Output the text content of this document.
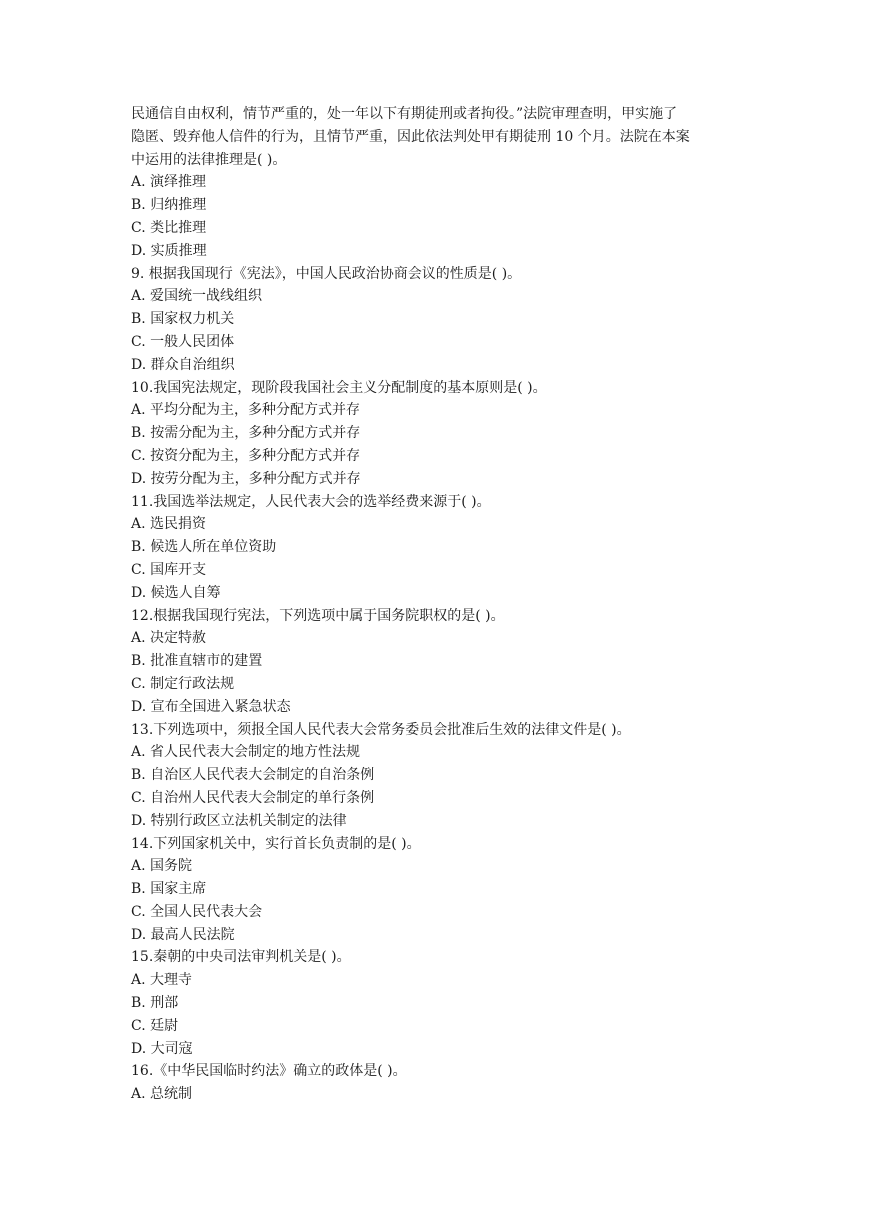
民通信自由权利，情节严重的，处一年以下有期徒刑或者拘役。”法院审理查明，甲实施了
隐匿、毁弃他人信件的行为，且情节严重，因此依法判处甲有期徒刑 10 个月。法院在本案
中运用的法律推理是( )。
A. 演绎推理
B. 归纳推理
C. 类比推理
D. 实质推理
9. 根据我国现行《宪法》，中国人民政治协商会议的性质是( )。
A. 爱国统一战线组织
B. 国家权力机关
C. 一般人民团体
D. 群众自治组织
10.我国宪法规定，现阶段我国社会主义分配制度的基本原则是( )。
A. 平均分配为主，多种分配方式并存
B. 按需分配为主，多种分配方式并存
C. 按资分配为主，多种分配方式并存
D. 按劳分配为主，多种分配方式并存
11.我国选举法规定，人民代表大会的选举经费来源于( )。
A. 选民捐资
B. 候选人所在单位资助
C. 国库开支
D. 候选人自筹
12.根据我国现行宪法，下列选项中属于国务院职权的是( )。
A. 决定特赦
B. 批准直辖市的建置
C. 制定行政法规
D. 宣布全国进入紧急状态
13.下列选项中，须报全国人民代表大会常务委员会批准后生效的法律文件是( )。
A. 省人民代表大会制定的地方性法规
B. 自治区人民代表大会制定的自治条例
C. 自治州人民代表大会制定的单行条例
D. 特别行政区立法机关制定的法律
14.下列国家机关中，实行首长负责制的是( )。
A. 国务院
B. 国家主席
C. 全国人民代表大会
D. 最高人民法院
15.秦朝的中央司法审判机关是( )。
A. 大理寺
B. 刑部
C. 廷尉
D. 大司寇
16.《中华民国临时约法》确立的政体是( )。
A. 总统制
